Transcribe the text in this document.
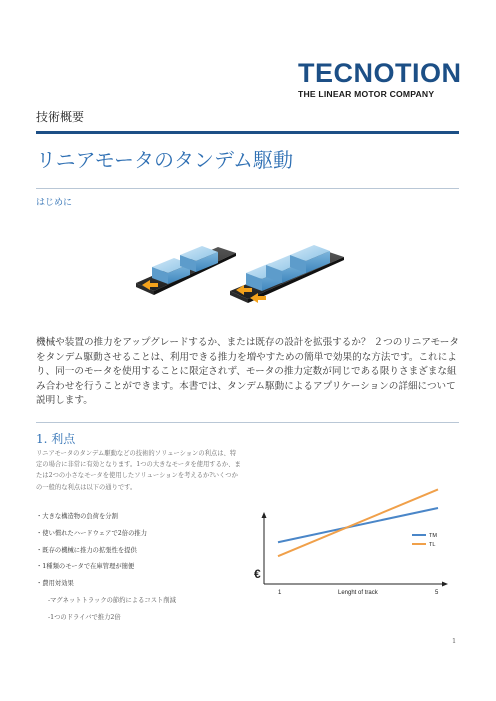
TECNOTION
THE LINEAR MOTOR COMPANY
技術概要
リニアモータのタンデム駆動
はじめに
機械や装置の推力をアップグレードするか、または既存の設計を拡張するか？ ２つのリニアモータをタンデム駆動させることは、利用できる推力を増やすための簡単で効果的な方法です。これにより、同一のモータを使用することに限定されず、モータの推力定数が同じである限りさまざまな組み合わせを行うことができます。本書では、タンデム駆動によるアプリケーションの詳細について説明します。
1. 利点
リニアモータのタンデム駆動などの技術的ソリューションの利点は、特定の場合に非常に有効となります。1つの大きなモータを使用するか、または2つの小さなモータを使用したソリューションを考えるか?いくつかの一般的な利点は以下の通りです。
・大きな構造物の負荷を分割
・使い慣れたハードウェアで2倍の推力
・既存の機械に推力の拡張性を提供
・1種類のモータで在庫管理が簡便
・費用対効果
-マグネットトラックの節約によるコスト削減
-1つのドライバで推力2倍
€
1	5
Lenght of track
TM
TL
1
